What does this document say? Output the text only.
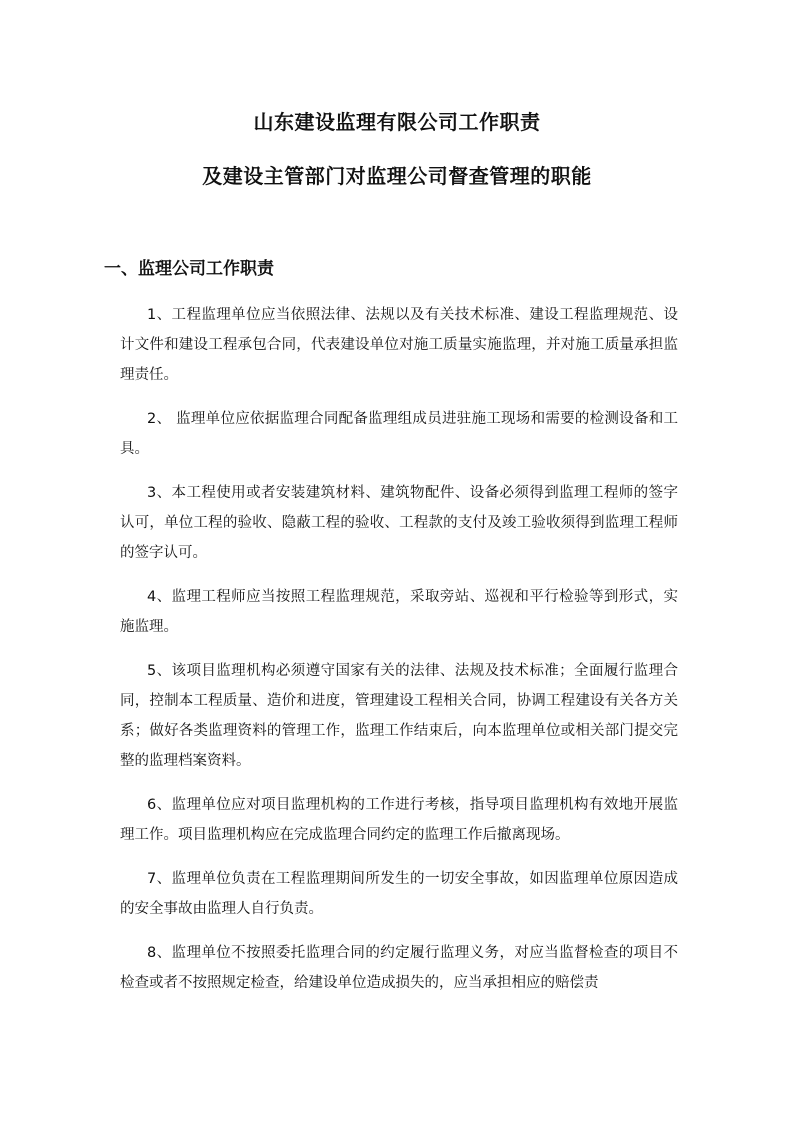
山东建设监理有限公司工作职责
及建设主管部门对监理公司督查管理的职能
一、监理公司工作职责

1、工程监理单位应当依照法律、法规以及有关技术标准、建设工程监理规范、设计文件和建设工程承包合同，代表建设单位对施工质量实施监理，并对施工质量承担监理责任。

2、 监理单位应依据监理合同配备监理组成员进驻施工现场和需要的检测设备和工具。

3、本工程使用或者安装建筑材料、建筑物配件、设备必须得到监理工程师的签字认可，单位工程的验收、隐蔽工程的验收、工程款的支付及竣工验收须得到监理工程师的签字认可。

4、监理工程师应当按照工程监理规范，采取旁站、巡视和平行检验等到形式，实施监理。

5、该项目监理机构必须遵守国家有关的法律、法规及技术标准；全面履行监理合同，控制本工程质量、造价和进度，管理建设工程相关合同，协调工程建设有关各方关系；做好各类监理资料的管理工作，监理工作结束后，向本监理单位或相关部门提交完整的监理档案资料。

6、监理单位应对项目监理机构的工作进行考核，指导项目监理机构有效地开展监理工作。项目监理机构应在完成监理合同约定的监理工作后撤离现场。

7、监理单位负责在工程监理期间所发生的一切安全事故，如因监理单位原因造成的安全事故由监理人自行负责。

8、监理单位不按照委托监理合同的约定履行监理义务，对应当监督检查的项目不检查或者不按照规定检查，给建设单位造成损失的，应当承担相应的赔偿责
